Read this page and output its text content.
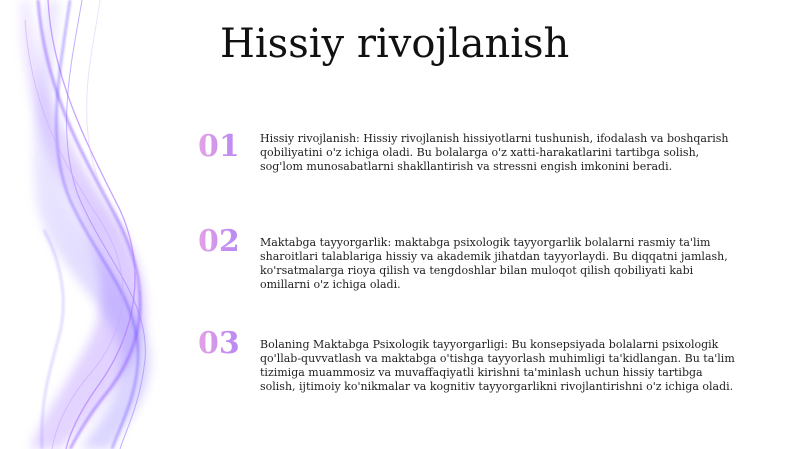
Hissiy rivojlanish
01	Hissiy rivojlanish: Hissiy rivojlanish hissiyotlarni tushunish, ifodalash va boshqarish qobiliyatini o'z ichiga oladi. Bu bolalarga o'z xatti-harakatlarini tartibga solish, sog'lom munosabatlarni shakllantirish va stressni engish imkonini beradi.
02	Maktabga tayyorgarlik: maktabga psixologik tayyorgarlik bolalarni rasmiy ta'lim sharoitlari talablariga hissiy va akademik jihatdan tayyorlaydi. Bu diqqatni jamlash, ko'rsatmalarga rioya qilish va tengdoshlar bilan muloqot qilish qobiliyati kabi omillarni o'z ichiga oladi.
03	Bolaning Maktabga Psixologik tayyorgarligi: Bu konsepsiyada bolalarni psixologik qo'llab-quvvatlash va maktabga o'tishga tayyorlash muhimligi ta'kidlangan. Bu ta'lim tizimiga muammosiz va muvaffaqiyatli kirishni ta'minlash uchun hissiy tartibga solish, ijtimoiy ko'nikmalar va kognitiv tayyorgarlikni rivojlantirishni o'z ichiga oladi.
